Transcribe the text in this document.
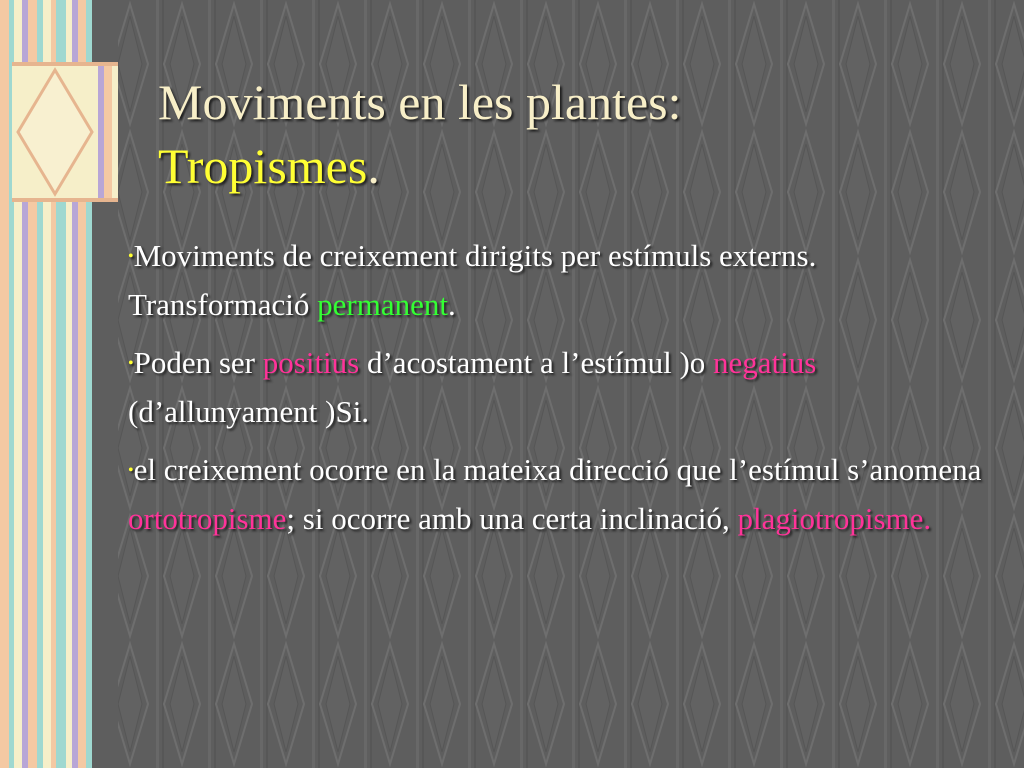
Moviments en les plantes:
Tropismes.
•Moviments de creixement dirigits per estímuls externs. Transformació permanent.
•Poden ser positius d’acostament a l’estímul )o negatius (d’allunyament )Si.
•el creixement ocorre en la mateixa direcció que l’estímul s’anomena ortotropisme; si ocorre amb una certa inclinació, plagiotropisme.
